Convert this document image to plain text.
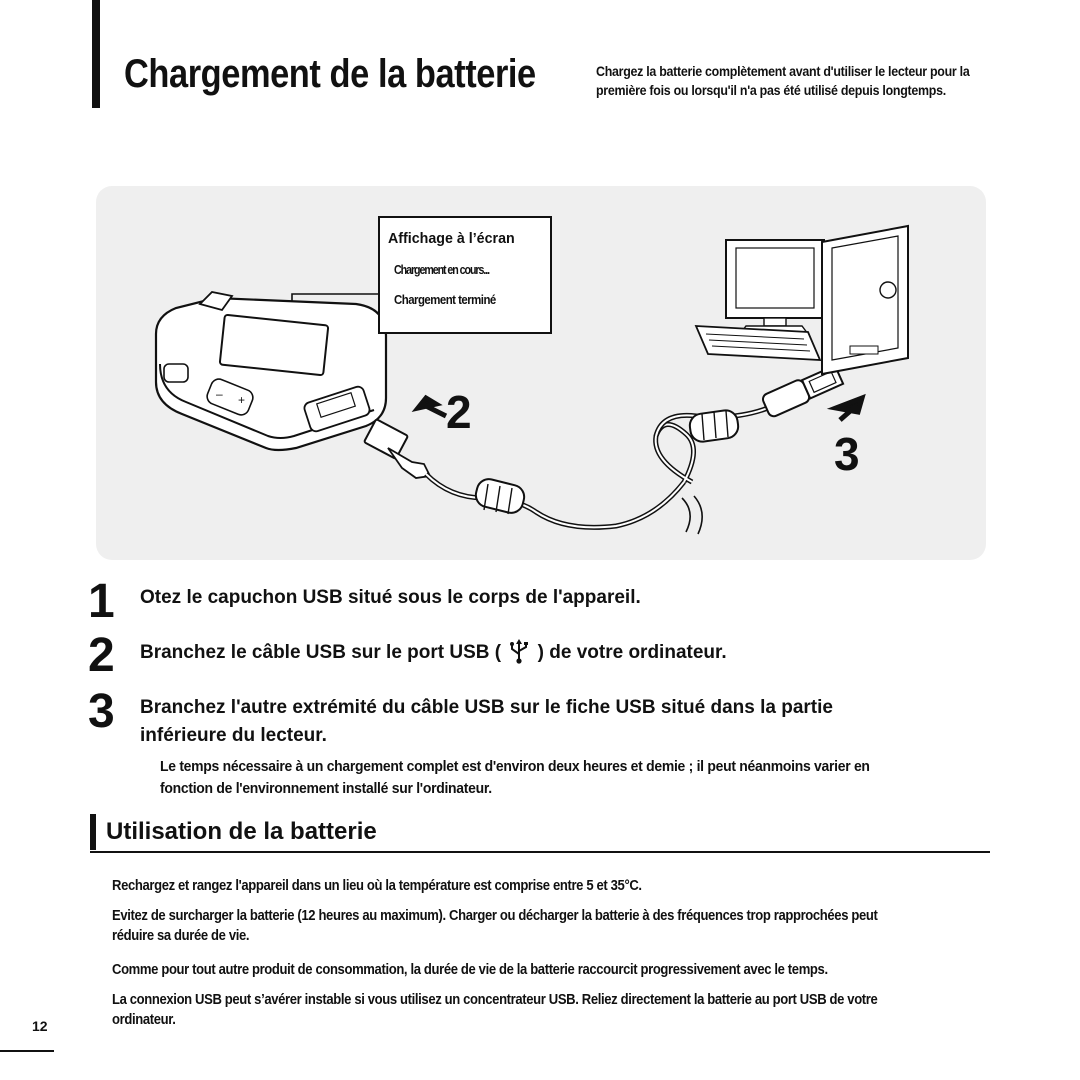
Chargement de la batterie	Chargez la batterie complètement avant d'utiliser le lecteur pour la première fois ou lorsqu'il n'a pas été utilisé depuis longtemps.
– +	2
3
Affichage à l’écran
Chargement en cours...
Chargement terminé
1 Otez le capuchon USB situé sous le corps de l'appareil.
2 Branchez le câble USB sur le port USB ( ) de votre ordinateur.
3 Branchez l'autre extrémité du câble USB sur le fiche USB situé dans la partie
inférieure du lecteur.
Le temps nécessaire à un chargement complet est d'environ deux heures et demie ; il peut néanmoins varier en fonction de l'environnement installé sur l'ordinateur.
Utilisation de la batterie
Rechargez et rangez l'appareil dans un lieu où la température est comprise entre 5 et 35°C.
Evitez de surcharger la batterie (12 heures au maximum). Charger ou décharger la batterie à des fréquences trop rapprochées peut réduire sa durée de vie.
Comme pour tout autre produit de consommation, la durée de vie de la batterie raccourcit progressivement avec le temps.
La connexion USB peut s’avérer instable si vous utilisez un concentrateur USB. Reliez directement la batterie au port USB de votre ordinateur.
12
